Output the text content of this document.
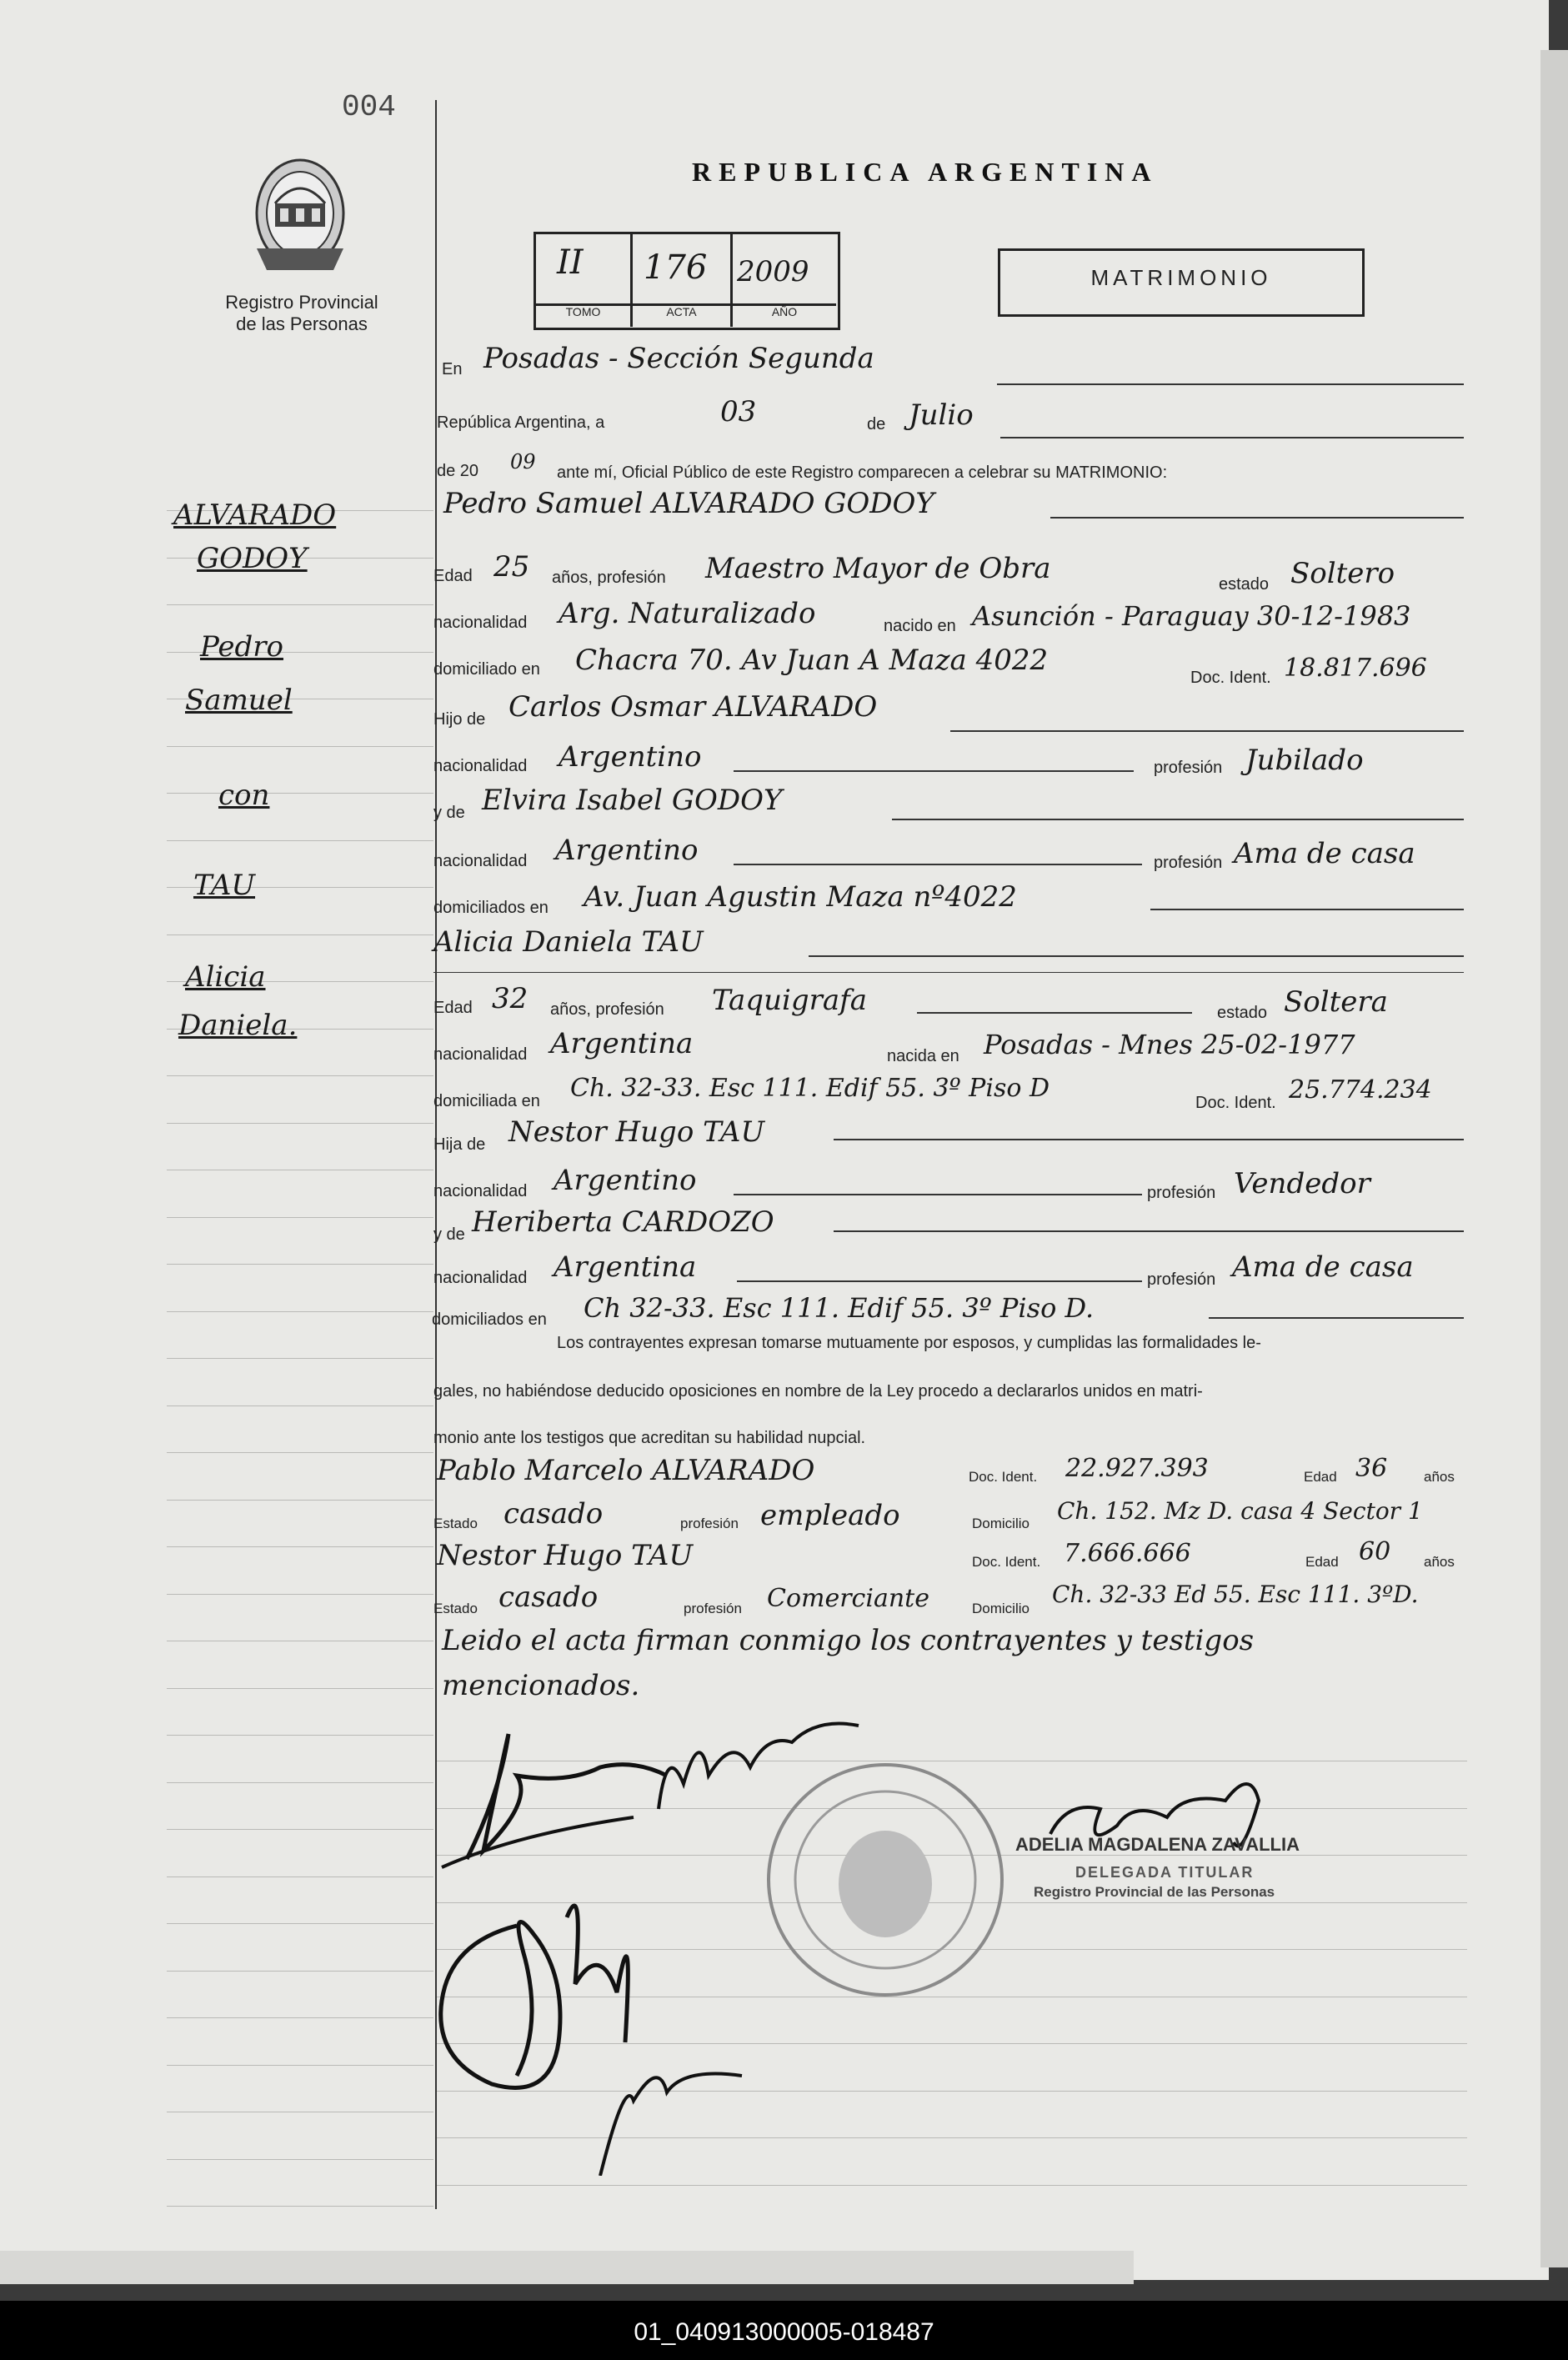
004
Registro Provincial
de las Personas
REPUBLICA ARGENTINA
II 176 2009
TOMO	ACTA	AÑO
MATRIMONIO
ALVARADO
GODOY
Pedro
Samuel
con
TAU
Alicia
Daniela.
En Posadas - Sección Segunda
República Argentina, a	03	de Julio
de 20 09 ante mí, Oficial Público de este Registro comparecen a celebrar su MATRIMONIO:
Pedro Samuel ALVARADO GODOY
Edad 25 años, profesión Maestro Mayor de Obra	estado Soltero
nacionalidad Arg. Naturalizado	nacido en Asunción - Paraguay 30-12-1983
domiciliado en Chacra 70. Av Juan A Maza 4022
Doc. Ident. 18.817.696
Hijo de Carlos Osmar ALVARADO
nacionalidad Argentino	profesión Jubilado
y de Elvira Isabel GODOY
nacionalidad Argentino	profesión Ama de casa
domiciliados en Av. Juan Agustin Maza nº4022
Alicia Daniela TAU
Edad 32 años, profesión Taquigrafa	estado Soltera
nacionalidad Argentina	nacida en Posadas - Mnes 25-02-1977
domiciliada en Ch. 32-33. Esc 111. Edif 55. 3º Piso D	Doc. Ident. 25.774.234
Hija de Nestor Hugo TAU
nacionalidad Argentino	profesión Vendedor
y de Heriberta CARDOZO
nacionalidad Argentina	profesión Ama de casa
domiciliados en Ch 32-33. Esc 111. Edif 55. 3º Piso D.
Los contrayentes expresan tomarse mutuamente por esposos, y cumplidas las formalidades le-
gales, no habiéndose deducido oposiciones en nombre de la Ley procedo a declararlos unidos en matri-
monio ante los testigos que acreditan su habilidad nupcial.
Pablo Marcelo ALVARADO	Doc. Ident. 22.927.393	Edad 36	años
Estado casado	profesión empleado	Domicilio Ch. 152. Mz D. casa 4 Sector 1
Nestor Hugo TAU	Doc. Ident. 7.666.666	Edad 60 años
Estado casado	profesión Comerciante	Domicilio
Ch. 32-33 Ed 55. Esc 111. 3ºD.
Leido el acta firman conmigo los contrayentes y testigos
mencionados.
ADELIA MAGDALENA ZAVALLIA
DELEGADA TITULAR
Registro Provincial de las Personas
01_040913000005-018487
